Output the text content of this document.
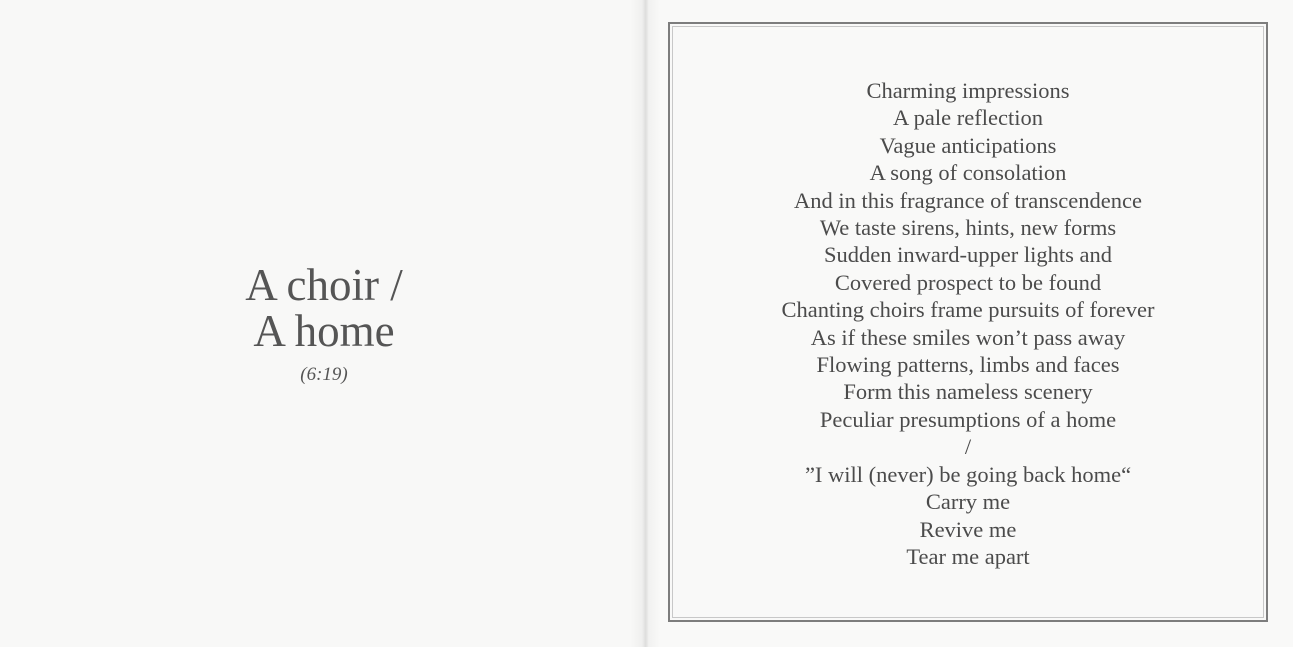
A choir /
A home
(6:19)
Charming impressions
A pale reflection
Vague anticipations
A song of consolation
And in this fragrance of transcendence
We taste sirens, hints, new forms
Sudden inward-upper lights and
Covered prospect to be found
Chanting choirs frame pursuits of forever
As if these smiles won’t pass away
Flowing patterns, limbs and faces
Form this nameless scenery
Peculiar presumptions of a home
/
”I will (never) be going back home“
Carry me
Revive me
Tear me apart
